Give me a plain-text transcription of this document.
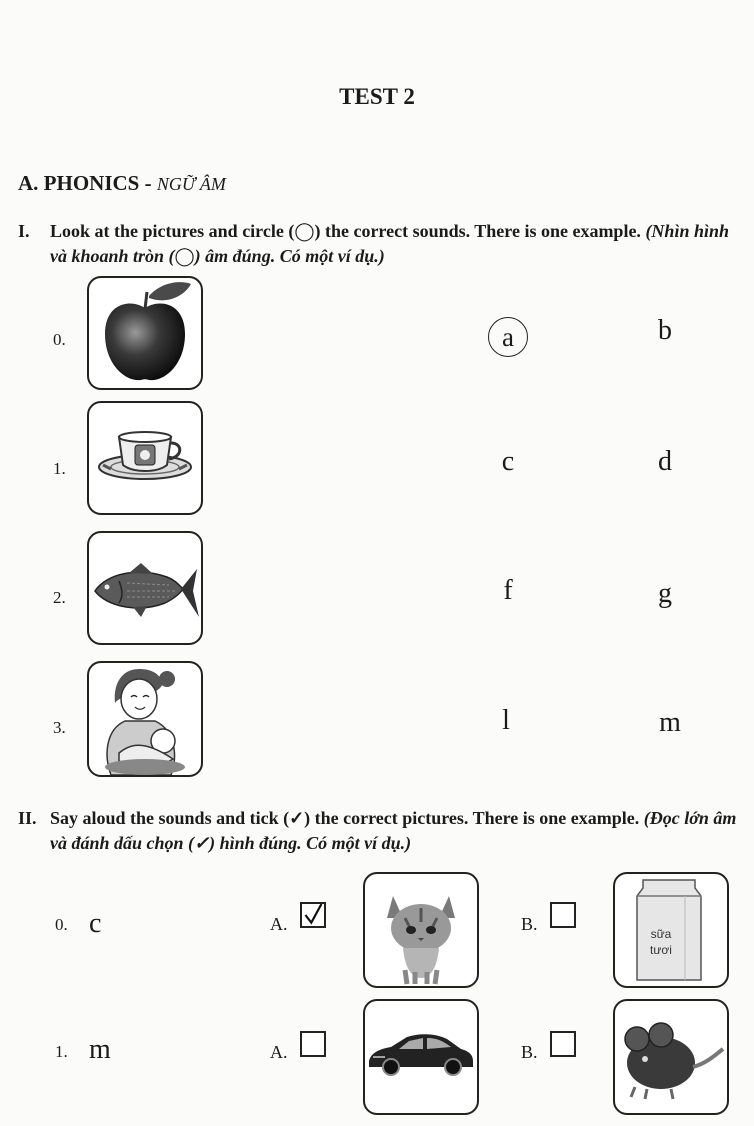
TEST 2
A. PHONICS - NGỮ ÂM
I. Look at the pictures and circle (◯) the correct sounds. There is one example. (Nhìn hình và khoanh tròn (◯) âm đúng. Có một ví dụ.)
0.	a	b
1.	c	d
2.	f	g
3.	l	m
II. Say aloud the sounds and tick (✓) the correct pictures. There is one example. (Đọc lớn âm và đánh dấu chọn (✓) hình đúng. Có một ví dụ.)
0. c	A.	B.	sữa
tươi
1. m	A.	B.
